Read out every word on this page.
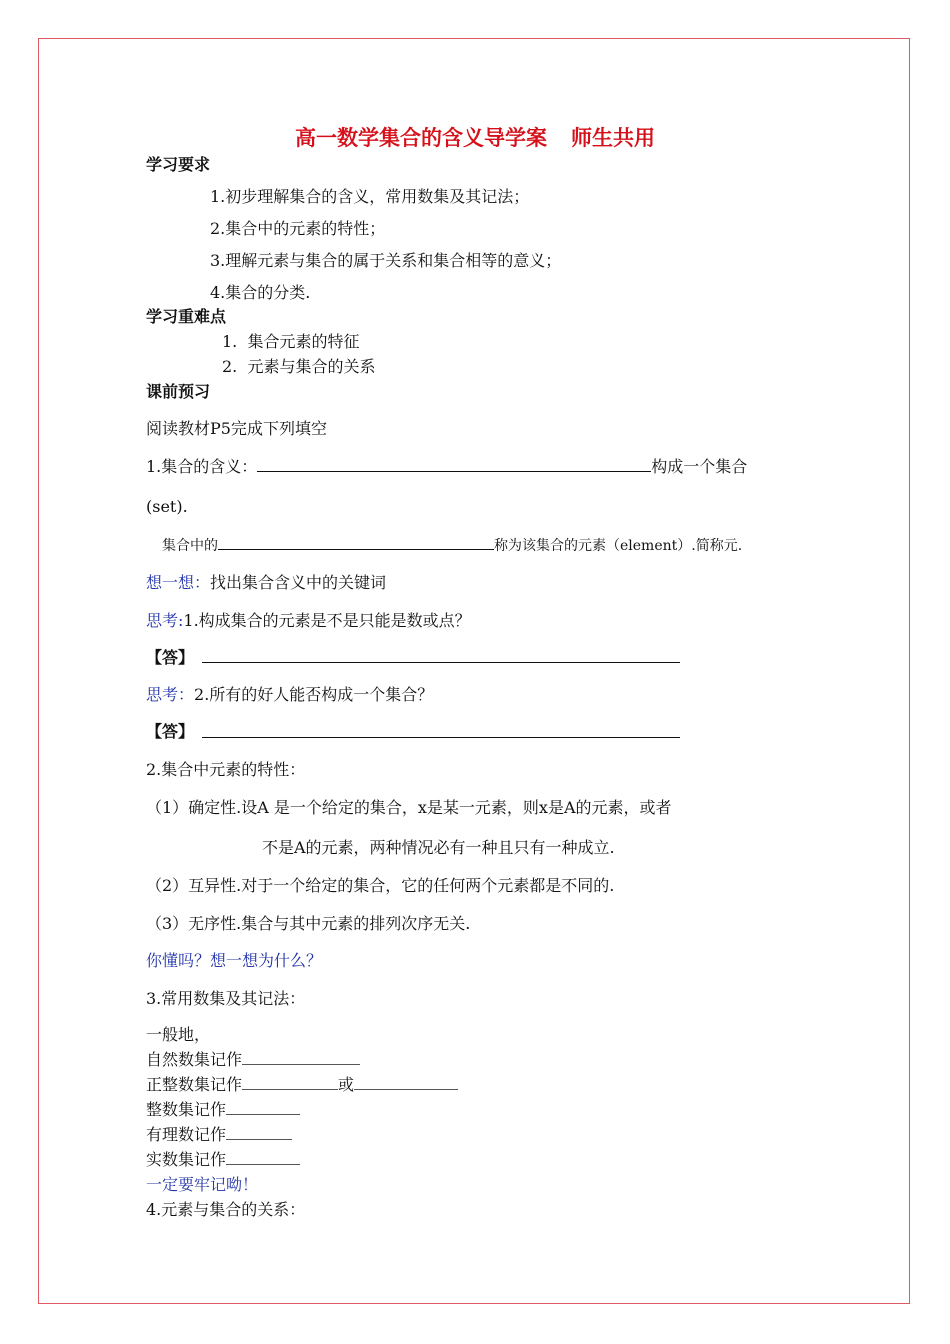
高一数学集合的含义导学案 师生共用
学习要求
1.初步理解集合的含义，常用数集及其记法；
2.集合中的元素的特性；
3.理解元素与集合的属于关系和集合相等的意义；
4.集合的分类.
学习重难点
1.  集合元素的特征
2.  元素与集合的关系
课前预习
阅读教材P5完成下列填空
1.集合的含义：	构成一个集合
(set).
集合中的	称为该集合的元素（element）.简称元.
想一想：找出集合含义中的关键词
思考:1.构成集合的元素是不是只能是数或点？
【答】
思考：2.所有的好人能否构成一个集合？
【答】
2.集合中元素的特性：
（1）确定性.设A 是一个给定的集合，x是某一元素，则x是A的元素，或者
不是A的元素，两种情况必有一种且只有一种成立.
（2）互异性.对于一个给定的集合，它的任何两个元素都是不同的.
（3）无序性.集合与其中元素的排列次序无关.
你懂吗？想一想为什么？
3.常用数集及其记法：
一般地，
自然数集记作
正整数集记作	或
整数集记作
有理数记作
实数集记作
一定要牢记呦！
4.元素与集合的关系：
